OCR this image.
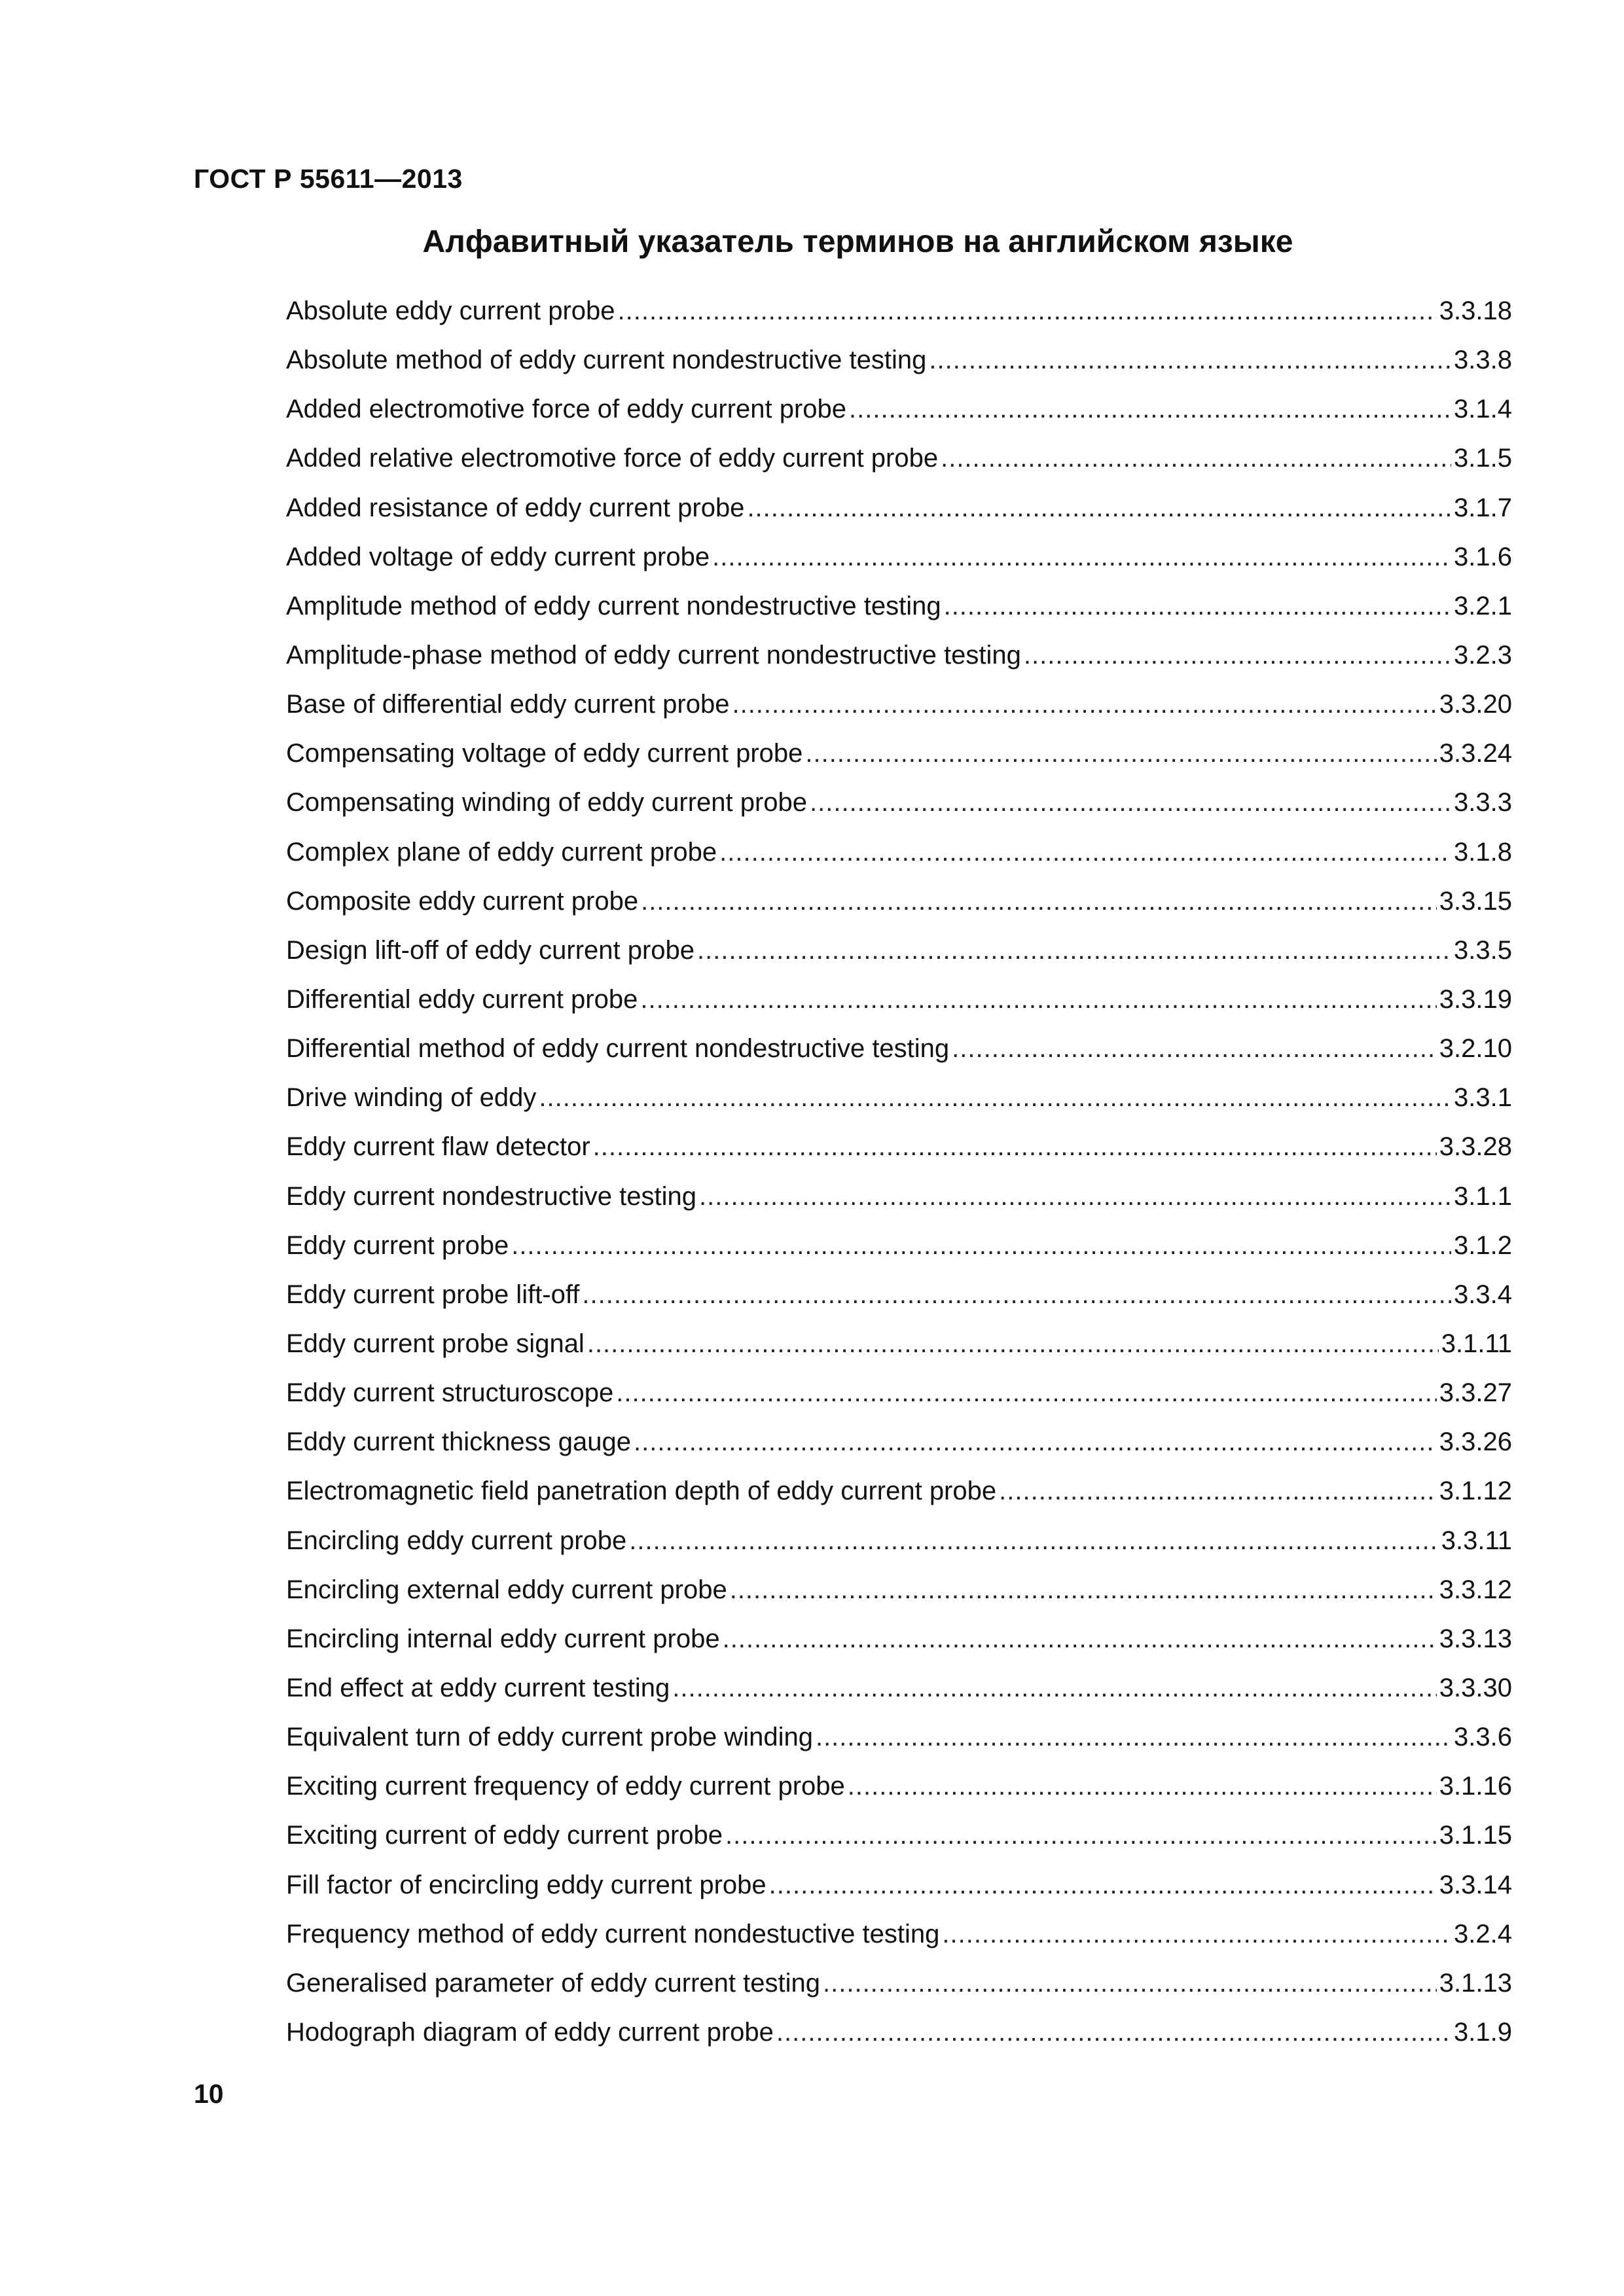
ГОСТ Р 55611—2013
Алфавитный указатель терминов на английском языке
Absolute eddy current probe .....	3.3.18
Absolute method of eddy current nondestructive testing .....	3.3.8
Added electromotive force of eddy current probe .....	3.1.4
Added relative electromotive force of eddy current probe .....	3.1.5
Added resistance of eddy current probe .....	3.1.7
Added voltage of eddy current probe .....	3.1.6
Amplitude method of eddy current nondestructive testing .....	3.2.1
Amplitude-phase method of eddy current nondestructive testing .....	3.2.3
Base of differential eddy current probe .....	3.3.20
Compensating voltage of eddy current probe .....	3.3.24
Compensating winding of eddy current probe .....	3.3.3
Complex plane of eddy current probe .....	3.1.8
Composite eddy current probe .....	3.3.15
Design lift-off of eddy current probe .....	3.3.5
Differential eddy current probe .....	3.3.19
Differential method of eddy current nondestructive testing .....	3.2.10
Drive winding of eddy .....	3.3.1
Eddy current flaw detector .....	3.3.28
Eddy current nondestructive testing .....	3.1.1
Eddy current probe .....	3.1.2
Eddy current probe lift-off .....	3.3.4
Eddy current probe signal .....	3.1.11
Eddy current structuroscope .....	3.3.27
Eddy current thickness gauge .....	3.3.26
Electromagnetic field panetration depth of eddy current probe .....	3.1.12
Encircling eddy current probe .....	3.3.11
Encircling external eddy current probe .....	3.3.12
Encircling internal eddy current probe .....	3.3.13
End effect at eddy current testing .....	3.3.30
Equivalent turn of eddy current probe winding .....	3.3.6
Exciting current frequency of eddy current probe .....	3.1.16
Exciting current of eddy current probe .....	3.1.15
Fill factor of encircling eddy current probe .....	3.3.14
Frequency method of eddy current nondestuctive testing .....	3.2.4
Generalised parameter of eddy current testing .....	3.1.13
Hodograph diagram of eddy current probe .....	3.1.9
10
